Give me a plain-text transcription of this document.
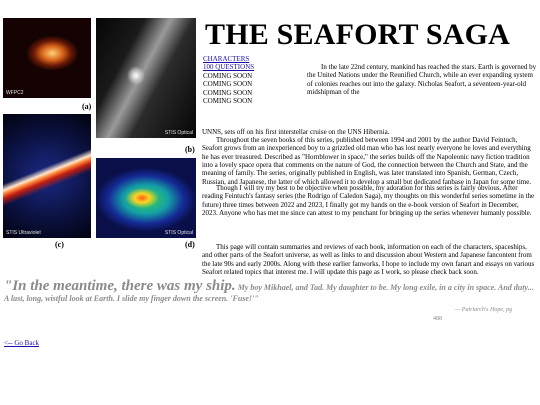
WFPC2
(a)
STIS Optical
(b)
STIS Ultraviolet
(c)
STIS Optical
(d)
THE SEAFORT SAGA
CHARACTERS
100 QUESTIONS
COMING SOON
COMING SOON
COMING SOON
COMING SOON
In the late 22nd century, mankind has reached the stars. Earth is governed by the United Nations under the Reunified Church, while an ever expanding system of colonies reaches out into the galaxy. Nicholas Seafort, a seventeen-year-old midshipman of the
UNNS, sets off on his first interstellar cruise on the UNS Hibernia.

Throughout the seven books of this series, published between 1994 and 2001 by the author David Feintuch, Seafort grows from an inexperienced boy to a grizzled old man who has lost nearly everyone he loves and everything he has ever treasured. Described as "Hornblower in space," the series builds off the Napoleonic navy fiction tradition into a lovely space opera that comments on the nature of God, the connection between the Church and State, and the meaning of family. The series, originally published in English, was later translated into Spanish, German, Czech, Russian, and Japanese, the latter of which allowed it to develop a small but dedicated fanbase in Japan for some time.

Though I will try my best to be objective when possible, my adoration for this series is fairly obvious. After reading Feintuch's fantasy series (the Rodrigo of Caledon Saga), my thoughts on this wonderful series sometime in the future) three times between 2022 and 2023, I finally got my hands on the e-book version of Seafort in December, 2023. Anyone who has met me since can attest to my penchant for bringing up the series whenever humanly possible.

This page will contain summaries and reviews of each book, information on each of the characters, spaceships, and other parts of the Seafort universe, as well as links to and discussion about Western and Japanese fancontent from the late 90s and early 2000s. Along with these earlier fanworks, I hope to include my own fanart and essays on various Seafort related topics that interest me. I will update this page as I work, so please check back soon.

"In the meantime, there was my ship. My boy Mikhael, and Tad. My daughter to be. My long exile, in a city in space. And duty... A last, long, wistful look at Earth. I slide my finger down the screen. 'Fuse!'"
— Patriarch's Hope, pg
488
<-- Go Back
